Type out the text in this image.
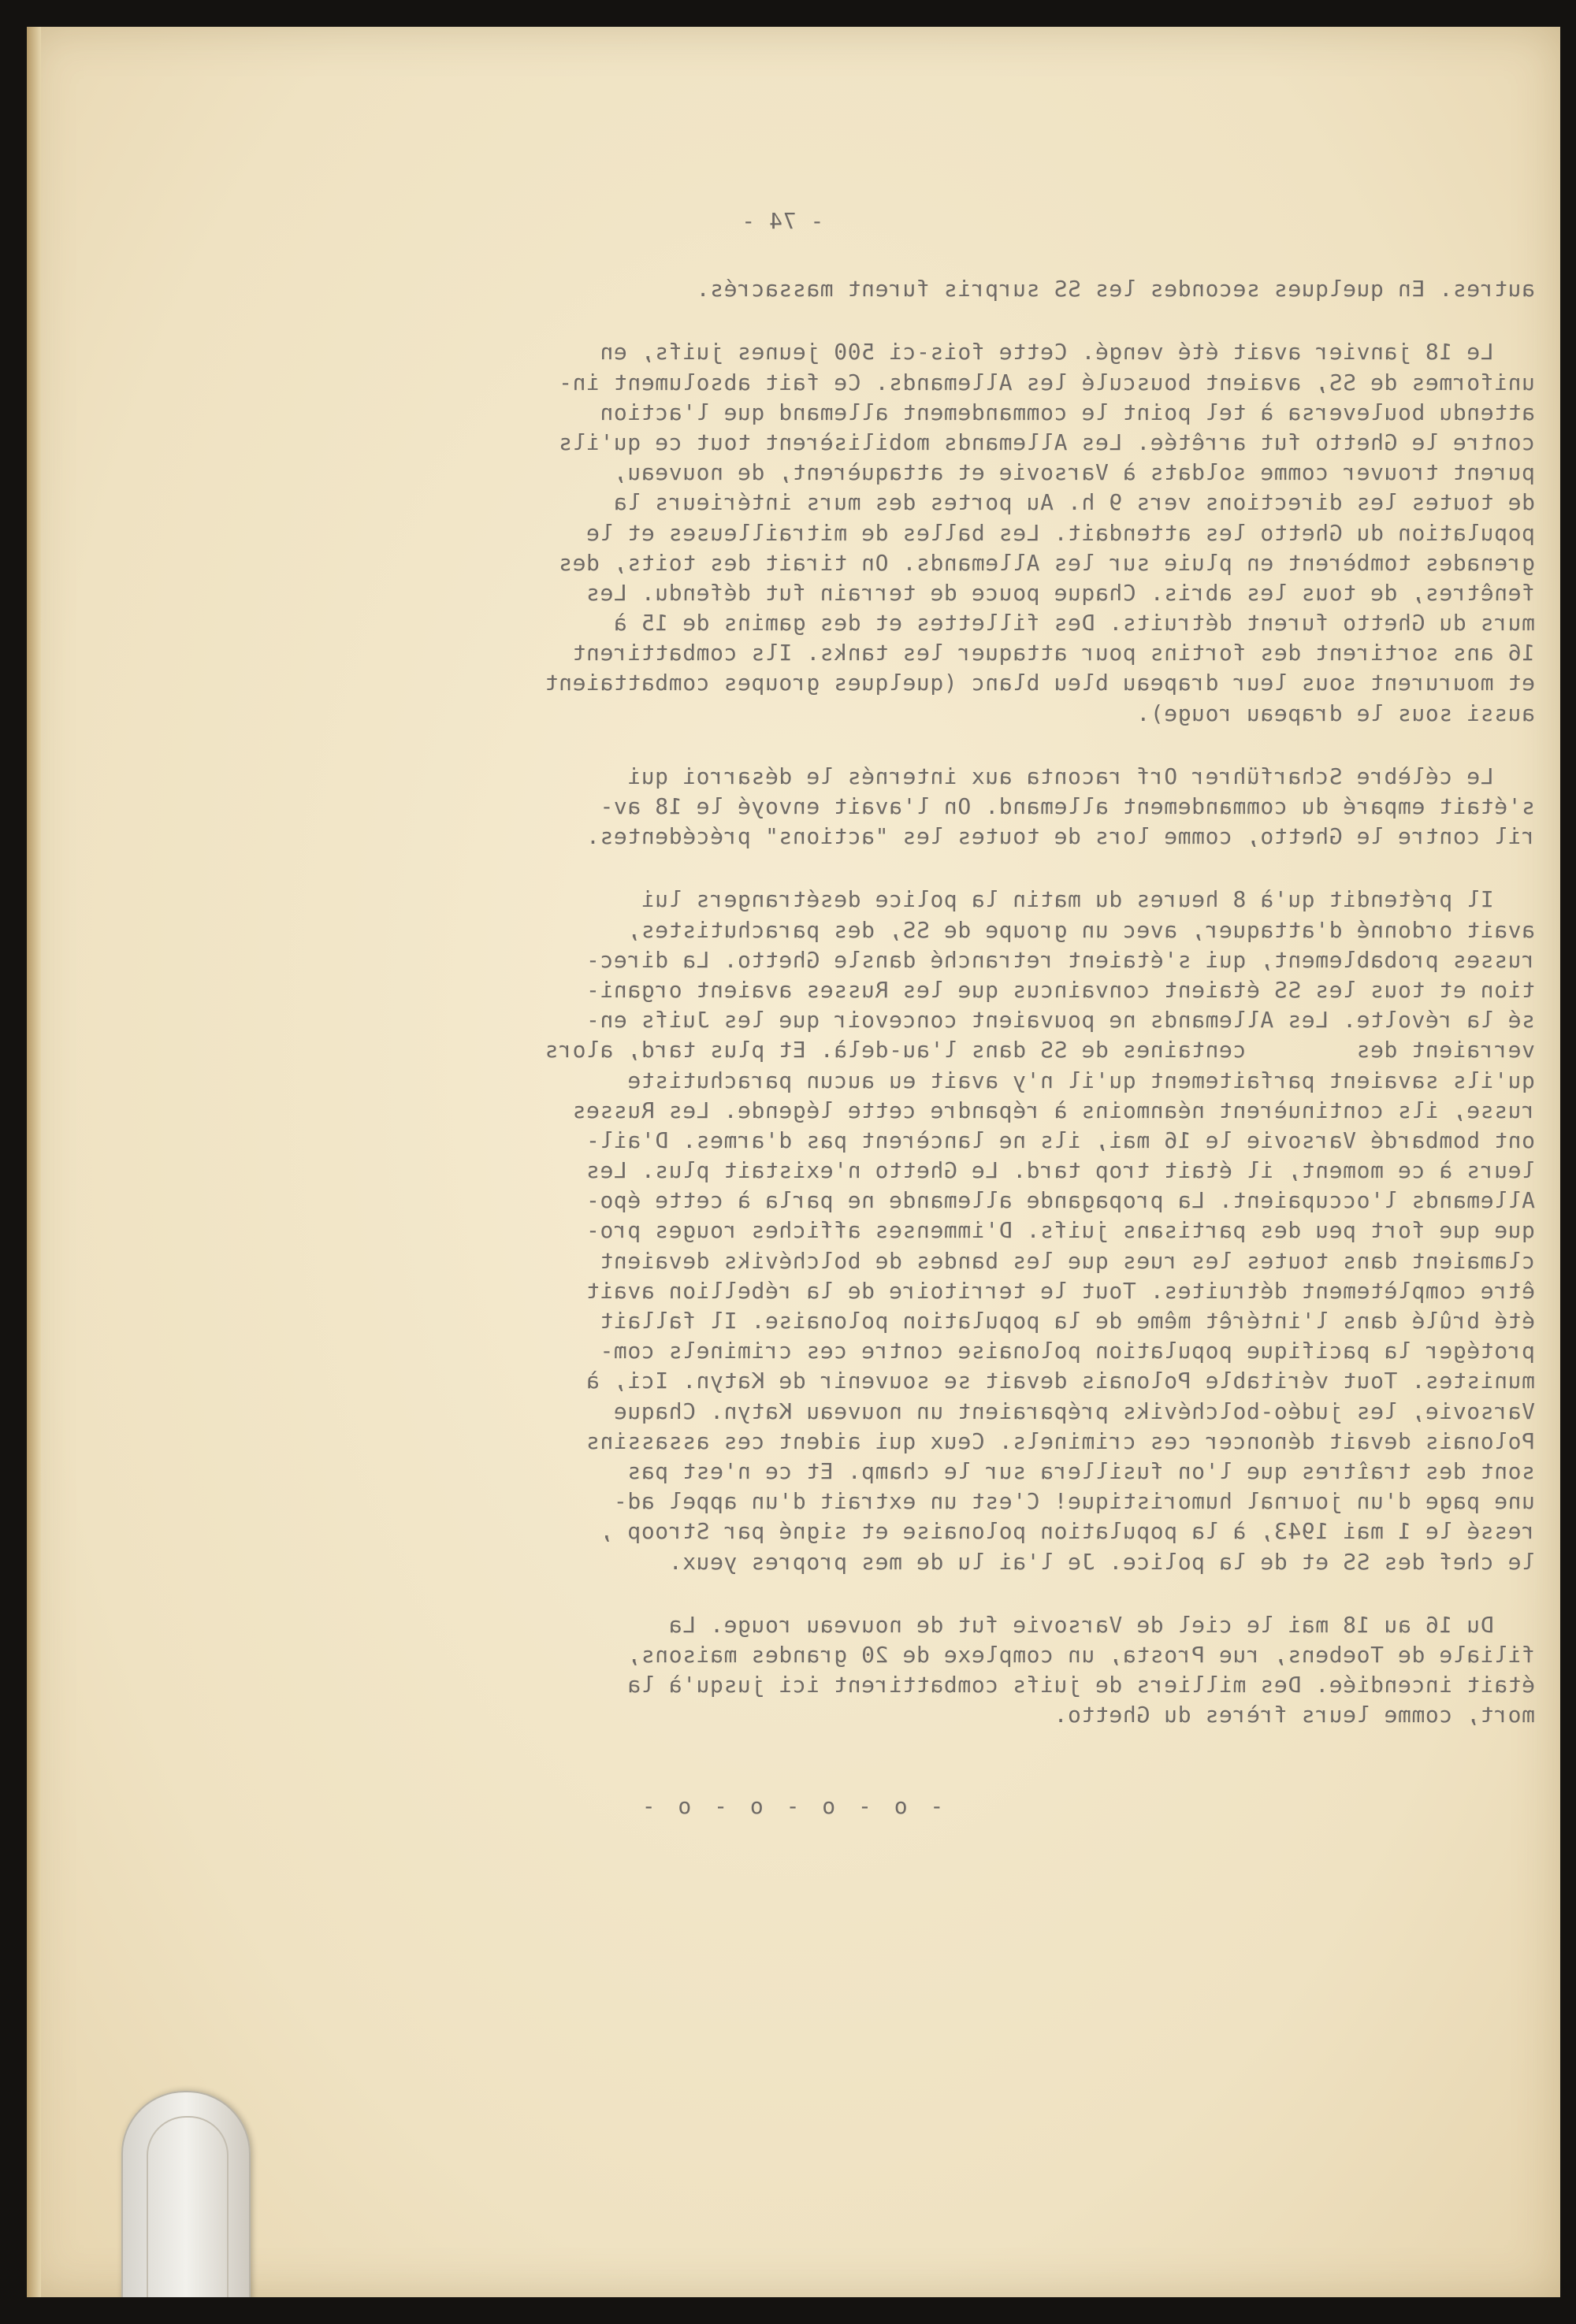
- 74 -
autres. En quelques secondes les SS surpris furent massacrés.
Le 18 janvier avait été vengé. Cette fois-ci 500 jeunes juifs, en
uniformes de SS, avaient bousculé les Allemands. Ce fait absolument in-
attendu bouleversa à tel point le commandement allemand que l'action
contre le Ghetto fut arrêtée. Les Allemands mobilisèrent tout ce qu'ils
purent trouver comme soldats à Varsovie et attaquèrent, de nouveau,
de toutes les directions vers 9 h. Au portes des murs intérieurs la
population du Ghetto les attendait. Les balles de mitrailleuses et le
grenades tombèrent en pluie sur les Allemands. On tirait des toits, des
fenêtres, de tous les abris. Chaque pouce de terrain fut défendu. Les
murs du Ghetto furent détruits. Des fillettes et des gamins de 15 à
16 ans sortirent des fortins pour attaquer les tanks. Ils combattirent
et moururent sous leur drapeau bleu blanc (quelques groupes combattaient
aussi sous le drapeau rouge).
Le célèbre Scharführer Orf raconta aux internés le désarroi qui
s'était emparé du commandement allemand. On l'avait envoyé le 18 av-
ril contre le Ghetto, comme lors de toutes les "actions" précédentes.
Il prétendit qu'à 8 heures du matin la police desétrangers lui
avait ordonné d'attaquer, avec un groupe de SS, des parachutistes,
russes probablement, qui s'étaient retranché dansle Ghetto. La direc-
tion et tous les SS étaient convaincus que les Russes avaient organi-
sé la révolte. Les Allemands ne pouvaient concevoir que les Juifs en-
verraient des        centaines de SS dans l'au-delà. Et plus tard, alors
qu'ils savaient parfaitement qu'il n'y avait eu aucun parachutiste
russe, ils continuèrent néanmoins à répandre cette légende. Les Russes
ont bombardé Varsovie le 16 mai, ils ne lancèrent pas d'armes. D'ail-
leurs à ce moment, il était trop tard. Le Ghetto n'existait plus. Les
Allemands l'occupaient. La propagande allemande ne parla à cette épo-
que que fort peu des partisans juifs. D'immenses affiches rouges pro-
clamaient dans toutes les rues que les bandes de bolchéviks devaient
être complètement détruites. Tout le territoire de la rébellion avait
été brûlé dans l'intérêt même de la population polonaise. Il fallait
protéger la pacifique population polonaise contre ces criminels com-
munistes. Tout véritable Polonais devait se souvenir de Katyn. Ici, à
Varsovie, les judéo-bolchéviks préparaient un nouveau Katyn. Chaque
Polonais devait dénoncer ces criminels. Ceux qui aident ces assassins
sont des traîtres que l'on fusillera sur le champ. Et ce n'est pas
une page d'un journal humoristique! C'est un extrait d'un appel ad-
ressé le 1 mai 1943, à la population polonaise et signé par Stroop ,
le chef des SS et de la police. Je l'ai lu de mes propres yeux.
Du 16 au 18 mai le ciel de Varsovie fut de nouveau rouge. La
filiale de Toebens, rue Prosta, un complexe de 20 grandes maisons,
était incendiée. Des milliers de juifs combattirent ici jusqu'à la
mort, comme leurs frères du Ghetto.
- o - o - o - o -
